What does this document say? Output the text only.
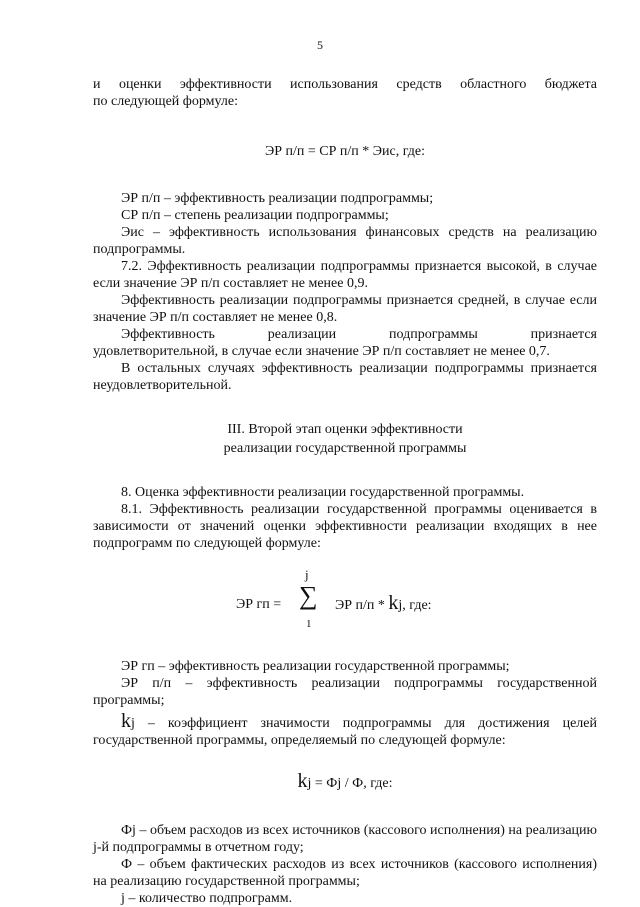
5

и оценки эффективности использования средств областного бюджета

по следующей формуле:

ЭР п/п = СР п/п * Эис, где:

ЭР п/п – эффективность реализации подпрограммы;

СР п/п – степень реализации подпрограммы;

Эис – эффективность использования финансовых средств на реализацию подпрограммы.

7.2. Эффективность реализации подпрограммы признается высокой, в случае если значение ЭР п/п составляет не менее 0,9.

Эффективность реализации подпрограммы признается средней, в случае если значение ЭР п/п составляет не менее 0,8.

Эффективность реализации подпрограммы признается

удовлетворительной, в случае если значение ЭР п/п составляет не менее 0,7.

В остальных случаях эффективность реализации подпрограммы признается неудовлетворительной.

III. Второй этап оценки эффективности
реализации государственной программы

8. Оценка эффективности реализации государственной программы.

8.1. Эффективность реализации государственной программы оценивается в зависимости от значений оценки эффективности реализации входящих в нее подпрограмм по следующей формуле:

j
ЭР гп = ∑
1
ЭР п/п * kj, где:

ЭР гп – эффективность реализации государственной программы;

ЭР п/п – эффективность реализации подпрограммы государственной программы;

kj – коэффициент значимости подпрограммы для достижения целей государственной программы, определяемый по следующей формуле:

kj = Фj / Ф, где:

Фj – объем расходов из всех источников (кассового исполнения) на реализацию j-й подпрограммы в отчетном году;

Ф – объем фактических расходов из всех источников (кассового исполнения) на реализацию государственной программы;

j – количество подпрограмм.
